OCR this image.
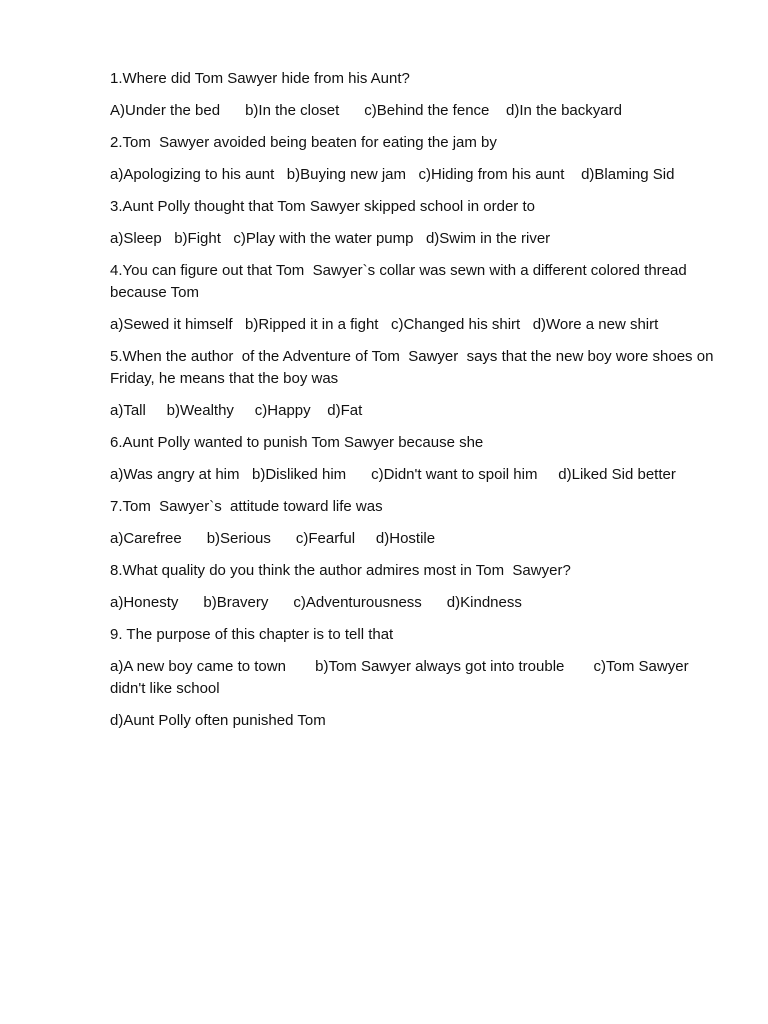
1.Where did Tom Sawyer hide from his Aunt?
A)Under the bed      b)In the closet      c)Behind the fence    d)In the backyard
2.Tom  Sawyer avoided being beaten for eating the jam by
a)Apologizing to his aunt   b)Buying new jam   c)Hiding from his aunt    d)Blaming Sid
3.Aunt Polly thought that Tom Sawyer skipped school in order to
a)Sleep   b)Fight   c)Play with the water pump   d)Swim in the river
4.You can figure out that Tom  Sawyer`s collar was sewn with a different colored thread because Tom
a)Sewed it himself   b)Ripped it in a fight   c)Changed his shirt   d)Wore a new shirt
5.When the author  of the Adventure of Tom  Sawyer  says that the new boy wore shoes on Friday, he means that the boy was
a)Tall     b)Wealthy     c)Happy    d)Fat
6.Aunt Polly wanted to punish Tom Sawyer because she
a)Was angry at him   b)Disliked him      c)Didn't want to spoil him     d)Liked Sid better
7.Tom  Sawyer`s  attitude toward life was
a)Carefree      b)Serious      c)Fearful     d)Hostile
8.What quality do you think the author admires most in Tom  Sawyer?
a)Honesty      b)Bravery      c)Adventurousness      d)Kindness
9. The purpose of this chapter is to tell that
a)A new boy came to town       b)Tom Sawyer always got into trouble       c)Tom Sawyer didn't like school
d)Aunt Polly often punished Tom
